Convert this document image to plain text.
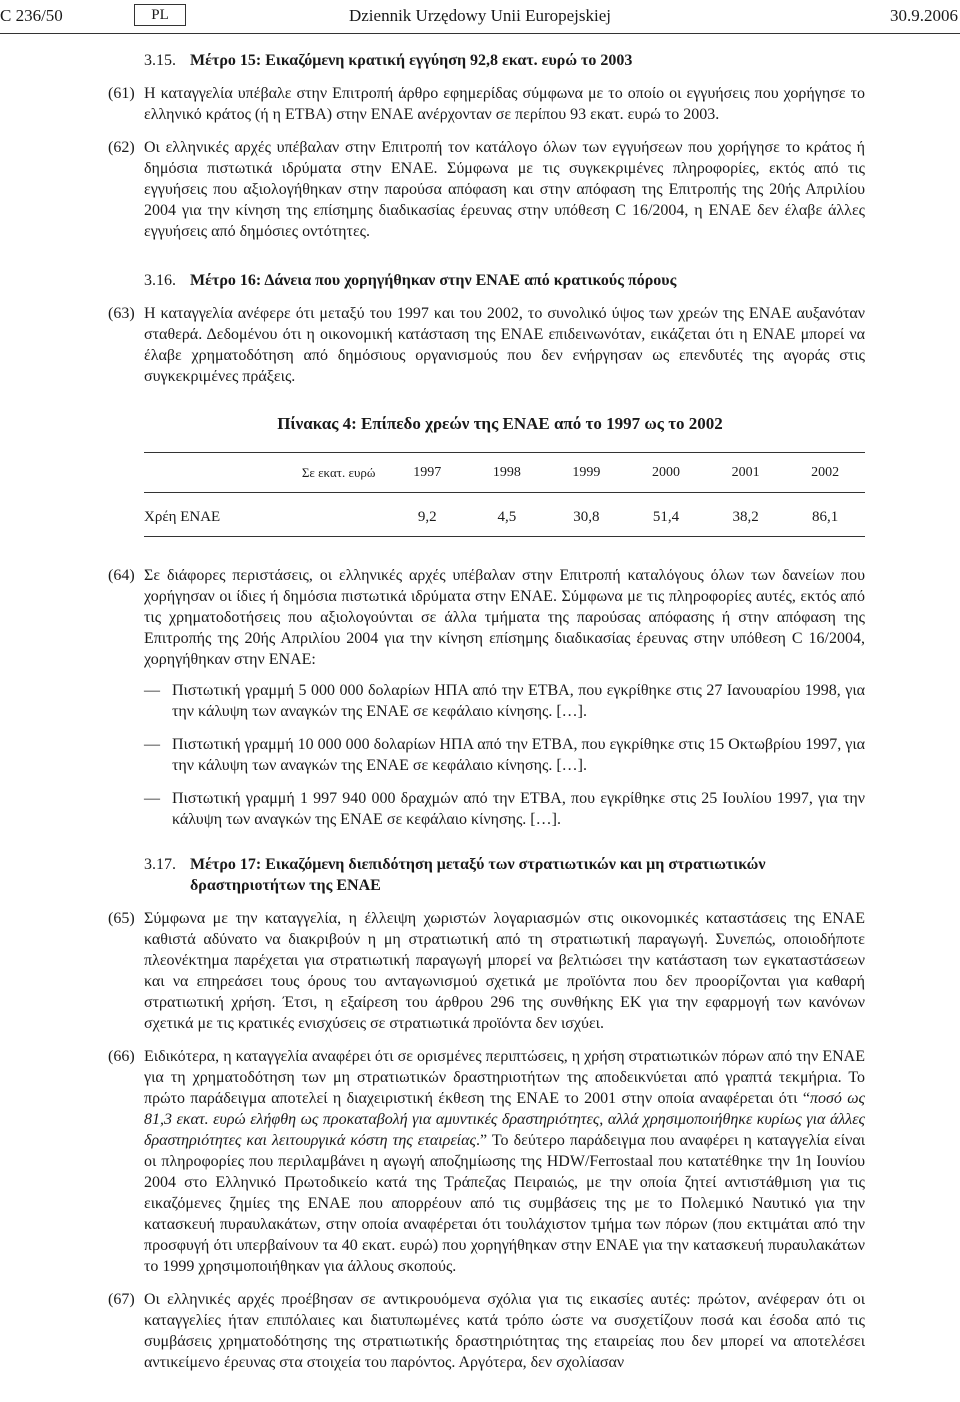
C 236/50	PL	Dziennik Urzędowy Unii Europejskiej	30.9.2006
3.15. Μέτρο 15: Εικαζόμενη κρατική εγγύηση 92,8 εκατ. ευρώ το 2003
(61) Η καταγγελία υπέβαλε στην Επιτροπή άρθρο εφημερίδας σύμφωνα με το οποίο οι εγγυήσεις που χορήγησε το ελληνικό κράτος (ή η ΕΤΒΑ) στην ΕΝΑΕ ανέρχονταν σε περίπου 93 εκατ. ευρώ το 2003.
(62) Οι ελληνικές αρχές υπέβαλαν στην Επιτροπή τον κατάλογο όλων των εγγυήσεων που χορήγησε το κράτος ή δημόσια πιστωτικά ιδρύματα στην ΕΝΑΕ. Σύμφωνα με τις συγκεκριμένες πληροφορίες, εκτός από τις εγγυήσεις που αξιολογήθηκαν στην παρούσα απόφαση και στην απόφαση της Επιτροπής της 20ής Απριλίου 2004 για την κίνηση της επίσημης διαδικασίας έρευνας στην υπόθεση C 16/2004, η ΕΝΑΕ δεν έλαβε άλλες εγγυήσεις από δημόσιες οντότητες.
3.16. Μέτρο 16: Δάνεια που χορηγήθηκαν στην ΕΝΑΕ από κρατικούς πόρους
(63) Η καταγγελία ανέφερε ότι μεταξύ του 1997 και του 2002, το συνολικό ύψος των χρεών της ΕΝΑΕ αυξανόταν σταθερά. Δεδομένου ότι η οικονομική κατάσταση της ΕΝΑΕ επιδεινωνόταν, εικάζεται ότι η ΕΝΑΕ μπορεί να έλαβε χρηματοδότηση από δημόσιους οργανισμούς που δεν ενήργησαν ως επενδυτές της αγοράς στις συγκεκριμένες πράξεις.
Πίνακας 4: Επίπεδο χρεών της ΕΝΑΕ από το 1997 ως το 2002
Σε εκατ. ευρώ	1997	1998	1999	2000	2001	2002
Χρέη ΕΝΑΕ	9,2	4,5	30,8	51,4	38,2	86,1
(64) Σε διάφορες περιστάσεις, οι ελληνικές αρχές υπέβαλαν στην Επιτροπή καταλόγους όλων των δανείων που χορήγησαν οι ίδιες ή δημόσια πιστωτικά ιδρύματα στην ΕΝΑΕ. Σύμφωνα με τις πληροφορίες αυτές, εκτός από τις χρηματοδοτήσεις που αξιολογούνται σε άλλα τμήματα της παρούσας απόφασης ή στην απόφαση της Επιτροπής της 20ής Απριλίου 2004 για την κίνηση επίσημης διαδικασίας έρευνας στην υπόθεση C 16/2004, χορηγήθηκαν στην ΕΝΑΕ:
— Πιστωτική γραμμή 5 000 000 δολαρίων ΗΠΑ από την ΕΤΒΑ, που εγκρίθηκε στις 27 Ιανουαρίου 1998, για την κάλυψη των αναγκών της ΕΝΑΕ σε κεφάλαιο κίνησης. […].
— Πιστωτική γραμμή 10 000 000 δολαρίων ΗΠΑ από την ΕΤΒΑ, που εγκρίθηκε στις 15 Οκτωβρίου 1997, για την κάλυψη των αναγκών της ΕΝΑΕ σε κεφάλαιο κίνησης. […].
— Πιστωτική γραμμή 1 997 940 000 δραχμών από την ΕΤΒΑ, που εγκρίθηκε στις 25 Ιουλίου 1997, για την κάλυψη των αναγκών της ΕΝΑΕ σε κεφάλαιο κίνησης. […].
3.17. Μέτρο 17: Εικαζόμενη διεπιδότηση μεταξύ των στρατιωτικών και μη στρατιωτικών δραστηριοτήτων της ΕΝΑΕ
(65) Σύμφωνα με την καταγγελία, η έλλειψη χωριστών λογαριασμών στις οικονομικές καταστάσεις της ΕΝΑΕ καθιστά αδύνατο να διακριβούν η μη στρατιωτική από τη στρατιωτική παραγωγή. Συνεπώς, οποιοδήποτε πλεονέκτημα παρέχεται για στρατιωτική παραγωγή μπορεί να βελτιώσει την κατάσταση των εγκαταστάσεων και να επηρεάσει τους όρους του ανταγωνισμού σχετικά με προϊόντα που δεν προορίζονται για καθαρή στρατιωτική χρήση. Έτσι, η εξαίρεση του άρθρου 296 της συνθήκης ΕΚ για την εφαρμογή των κανόνων σχετικά με τις κρατικές ενισχύσεις σε στρατιωτικά προϊόντα δεν ισχύει.
(66) Ειδικότερα, η καταγγελία αναφέρει ότι σε ορισμένες περιπτώσεις, η χρήση στρατιωτικών πόρων από την ΕΝΑΕ για τη χρηματοδότηση των μη στρατιωτικών δραστηριοτήτων της αποδεικνύεται από γραπτά τεκμήρια. Το πρώτο παράδειγμα αποτελεί η διαχειριστική έκθεση της ΕΝΑΕ το 2001 στην οποία αναφέρεται ότι “ποσό ως 81,3 εκατ. ευρώ ελήφθη ως προκαταβολή για αμυντικές δραστηριότητες, αλλά χρησιμοποιήθηκε κυρίως για άλλες δραστηριότητες και λειτουργικά κόστη της εταιρείας.” Το δεύτερο παράδειγμα που αναφέρει η καταγγελία είναι οι πληροφορίες που περιλαμβάνει η αγωγή αποζημίωσης της HDW/Ferrostaal που κατατέθηκε την 1η Ιουνίου 2004 στο Ελληνικό Πρωτοδικείο κατά της Τράπεζας Πειραιώς, με την οποία ζητεί αντιστάθμιση για τις εικαζόμενες ζημίες της ΕΝΑΕ που απορρέουν από τις συμβάσεις της με το Πολεμικό Ναυτικό για την κατασκευή πυραυλακάτων, στην οποία αναφέρεται ότι τουλάχιστον τμήμα των πόρων (που εκτιμάται από την προσφυγή ότι υπερβαίνουν τα 40 εκατ. ευρώ) που χορηγήθηκαν στην ΕΝΑΕ για την κατασκευή πυραυλακάτων το 1999 χρησιμοποιήθηκαν για άλλους σκοπούς.
(67) Οι ελληνικές αρχές προέβησαν σε αντικρουόμενα σχόλια για τις εικασίες αυτές: πρώτον, ανέφεραν ότι οι καταγγελίες ήταν επιπόλαιες και διατυπωμένες κατά τρόπο ώστε να συσχετίζουν ποσά και έσοδα από τις συμβάσεις χρηματοδότησης της στρατιωτικής δραστηριότητας της εταιρείας που δεν μπορεί να αποτελέσει αντικείμενο έρευνας στα στοιχεία του παρόντος. Αργότερα, δεν σχολίασαν
